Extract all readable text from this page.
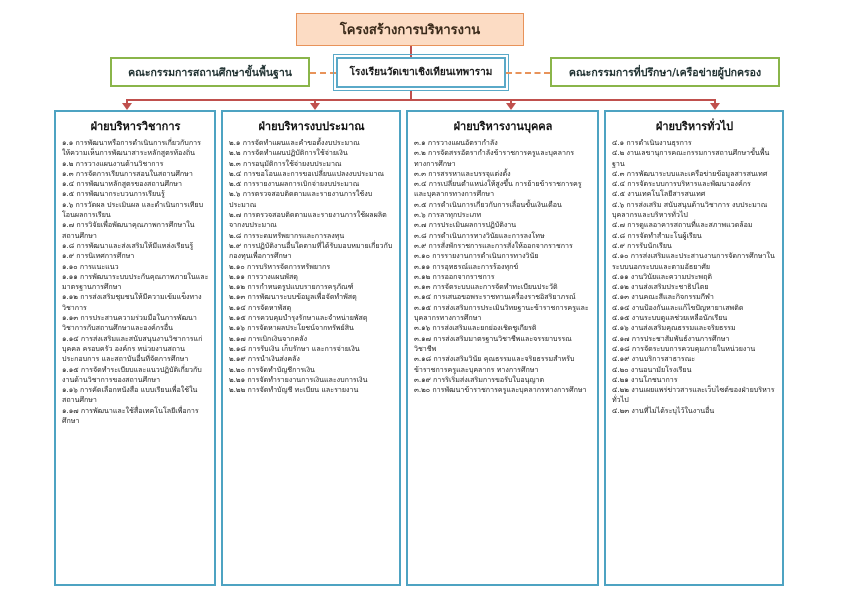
โครงสร้างการบริหารงาน
คณะกรรมการสถานศึกษาขั้นพื้นฐาน	โรงเรียนวัดเขาเชิงเทียนเทพาราม	คณะกรรมการที่ปรึกษา/เครือข่ายผู้ปกครอง
ฝ่ายบริหารวิชาการ
๑.๑ การพัฒนาหรือการดำเนินการเกี่ยวกับการให้ความเห็นการพัฒนาสาระหลักสูตรท้องถิ่น
๑.๒ การวางแผนงานด้านวิชาการ
๑.๓ การจัดการเรียนการสอนในสถานศึกษา
๑.๔ การพัฒนาหลักสูตรของสถานศึกษา
๑.๕ การพัฒนากระบวนการเรียนรู้
๑.๖ การวัดผล ประเมินผล และดำเนินการเทียบโอนผลการเรียน
๑.๗ การวิจัยเพื่อพัฒนาคุณภาพการศึกษาในสถานศึกษา
๑.๘ การพัฒนาและส่งเสริมให้มีแหล่งเรียนรู้
๑.๙ การนิเทศการศึกษา
๑.๑๐ การแนะแนว
๑.๑๑ การพัฒนาระบบประกันคุณภาพภายในและมาตรฐานการศึกษา
๑.๑๒ การส่งเสริมชุมชนให้มีความเข้มแข็งทางวิชาการ
๑.๑๓ การประสานความร่วมมือในการพัฒนาวิชาการกับสถานศึกษาและองค์กรอื่น
๑.๑๔ การส่งเสริมและสนับสนุนงานวิชาการแก่บุคคล ครอบครัว องค์กร หน่วยงานสถานประกอบการ และสถาบันอื่นที่จัดการศึกษา
๑.๑๕ การจัดทำระเบียบและแนวปฏิบัติเกี่ยวกับงานด้านวิชาการของสถานศึกษา
๑.๑๖ การคัดเลือกหนังสือ แบบเรียนเพื่อใช้ในสถานศึกษา
๑.๑๗ การพัฒนาและใช้สื่อเทคโนโลยีเพื่อการศึกษา
ฝ่ายบริหารงบประมาณ
๒.๑ การจัดทำแผนและคำขอตั้งงบประมาณ
๒.๒ การจัดทำแผนปฏิบัติการใช้จ่ายเงิน
๒.๓ การอนุมัติการใช้จ่ายงบประมาณ
๒.๔ การขอโอนและการขอเปลี่ยนแปลงงบประมาณ
๒.๕ การรายงานผลการเบิกจ่ายงบประมาณ
๒.๖ การตรวจสอบติดตามและรายงานการใช้งบประมาณ
๒.๗ การตรวจสอบติดตามและรายงานการใช้ผลผลิตจากงบประมาณ
๒.๘ การระดมทรัพยากรและการลงทุน
๒.๙ การปฏิบัติงานอื่นใดตามที่ได้รับมอบหมายเกี่ยวกับกองทุนเพื่อการศึกษา
๒.๑๐ การบริหารจัดการทรัพยากร
๒.๑๑ การวางแผนพัสดุ
๒.๑๒ การกำหนดรูปแบบรายการครุภัณฑ์
๒.๑๓ การพัฒนาระบบข้อมูลเพื่อจัดทำพัสดุ
๒.๑๔ การจัดหาพัสดุ
๒.๑๕ การควบคุมบำรุงรักษาและจำหน่ายพัสดุ
๒.๑๖ การจัดหาผลประโยชน์จากทรัพย์สิน
๒.๑๗ การเบิกเงินจากคลัง
๒.๑๘ การรับเงิน เก็บรักษา และการจ่ายเงิน
๒.๑๙ การนำเงินส่งคลัง
๒.๒๐ การจัดทำบัญชีการเงิน
๒.๒๑ การจัดทำรายงานการเงินและงบการเงิน
๒.๒๒ การจัดทำบัญชี ทะเบียน และรายงาน
ฝ่ายบริหารงานบุคคล
๓.๑ การวางแผนอัตรากำลัง
๓.๒ การจัดสรรอัตรากำลังข้าราชการครูและบุคลากรทางการศึกษา
๓.๓ การสรรหาและบรรจุแต่งตั้ง
๓.๔ การเปลี่ยนตำแหน่งให้สูงขึ้น การย้ายข้าราชการครูและบุคลากรทางการศึกษา
๓.๕ การดำเนินการเกี่ยวกับการเลื่อนขั้นเงินเดือน
๓.๖ การลาทุกประเภท
๓.๗ การประเมินผลการปฏิบัติงาน
๓.๘ การดำเนินการทางวินัยและการลงโทษ
๓.๙ การสั่งพักราชการและการสั่งให้ออกจากราชการ
๓.๑๐ การรายงานการดำเนินการทางวินัย
๓.๑๑ การอุทธรณ์และการร้องทุกข์
๓.๑๒ การออกจากราชการ
๓.๑๓ การจัดระบบและการจัดทำทะเบียนประวัติ
๓.๑๔ การเสนอขอพระราชทานเครื่องราชอิสริยาภรณ์
๓.๑๕ การส่งเสริมการประเมินวิทยฐานะข้าราชการครูและบุคลากรทางการศึกษา
๓.๑๖ การส่งเสริมและยกย่องเชิดชูเกียรติ
๓.๑๗ การส่งเสริมมาตรฐานวิชาชีพและจรรยาบรรณวิชาชีพ
๓.๑๘ การส่งเสริมวินัย คุณธรรมและจริยธรรมสำหรับข้าราชการครูและบุคลากร ทางการศึกษา
๓.๑๙ การริเริ่มส่งเสริมการขอรับใบอนุญาต
๓.๒๐ การพัฒนาข้าราชการครูและบุคลากรทางการศึกษา
ฝ่ายบริหารทั่วไป
๔.๑ การดำเนินงานธุรการ
๔.๒ งานเลขานุการคณะกรรมการสถานศึกษาขั้นพื้นฐาน
๔.๓ การพัฒนาระบบและเครือข่ายข้อมูลสารสนเทศ
๔.๔ การจัดระบบการบริหารและพัฒนาองค์กร
๔.๕ งานเทคโนโลยีสารสนเทศ
๔.๖ การส่งเสริม สนับสนุนด้านวิชาการ งบประมาณบุคลากรและบริหารทั่วไป
๔.๗ การดูแลอาคารสถานที่และสภาพแวดล้อม
๔.๘ การจัดทำสำมะโนผู้เรียน
๔.๙ การรับนักเรียน
๔.๑๐ การส่งเสริมและประสานงานการจัดการศึกษาในระบบนอกระบบและตามอัธยาศัย
๔.๑๑ งานวินัยและความประพฤติ
๔.๑๒ งานส่งเสริมประชาธิปไตย
๔.๑๓ งานคณะสีและกิจกรรมกีฬา
๔.๑๔ งานป้องกันและแก้ไขปัญหายาเสพติด
๔.๑๕ งานระบบดูแลช่วยเหลือนักเรียน
๔.๑๖ งานส่งเสริมคุณธรรมและจริยธรรม
๔.๑๗ การประชาสัมพันธ์งานการศึกษา
๔.๑๘ การจัดระบบการควบคุมภายในหน่วยงาน
๔.๑๙ งานบริการสาธารณะ
๔.๒๐ งานอนามัยโรงเรียน
๔.๒๑ งานโภชนาการ
๔.๒๒ งานเผยแพร่ข่าวสารและเว็บไซต์ของฝ่ายบริหารทั่วไป
๔.๒๓ งานที่ไม่ได้ระบุไว้ในงานอื่น
